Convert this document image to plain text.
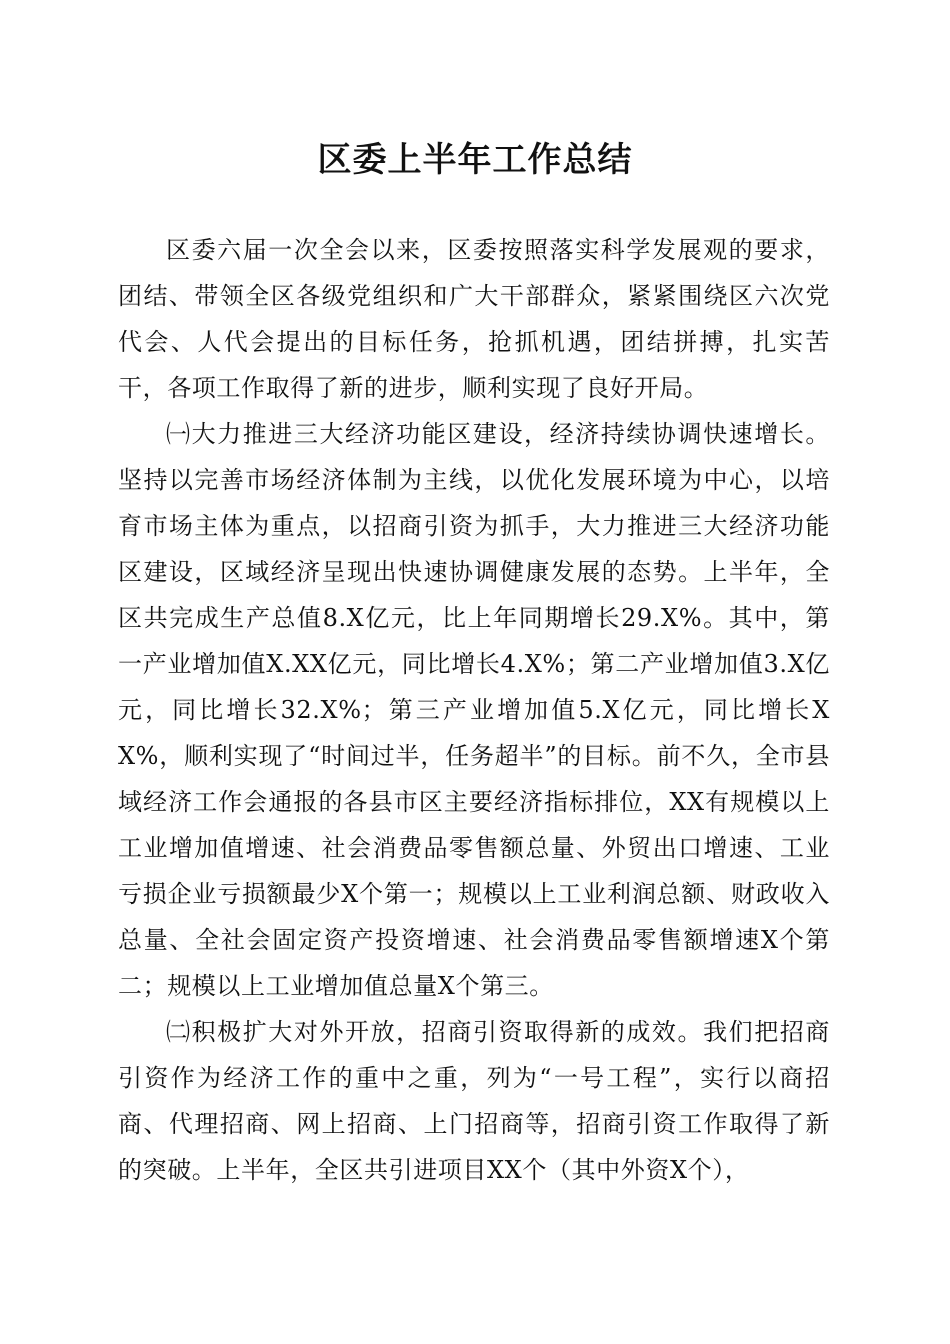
区委上半年工作总结

区委六届一次全会以来，区委按照落实科学发展观的要求，团结、带领全区各级党组织和广大干部群众，紧紧围绕区六次党代会、人代会提出的目标任务，抢抓机遇，团结拼搏，扎实苦干，各项工作取得了新的进步，顺利实现了良好开局。

㈠大力推进三大经济功能区建设，经济持续协调快速增长。坚持以完善市场经济体制为主线，以优化发展环境为中心，以培育市场主体为重点，以招商引资为抓手，大力推进三大经济功能区建设，区域经济呈现出快速协调健康发展的态势。上半年，全区共完成生产总值8.X亿元，比上年同期增长29.X%。其中，第一产业增加值X.XX亿元，同比增长4.X%；第二产业增加值3.X亿元，同比增长32.X%；第三产业增加值5.X亿元，同比增长XX%，顺利实现了“时间过半，任务超半”的目标。前不久，全市县域经济工作会通报的各县市区主要经济指标排位，XX有规模以上工业增加值增速、社会消费品零售额总量、外贸出口增速、工业亏损企业亏损额最少X个第一；规模以上工业利润总额、财政收入总量、全社会固定资产投资增速、社会消费品零售额增速X个第二；规模以上工业增加值总量X个第三。

㈡积极扩大对外开放，招商引资取得新的成效。我们把招商引资作为经济工作的重中之重，列为“一号工程”，实行以商招商、代理招商、网上招商、上门招商等，招商引资工作取得了新的突破。上半年，全区共引进项目XX个（其中外资X个），
